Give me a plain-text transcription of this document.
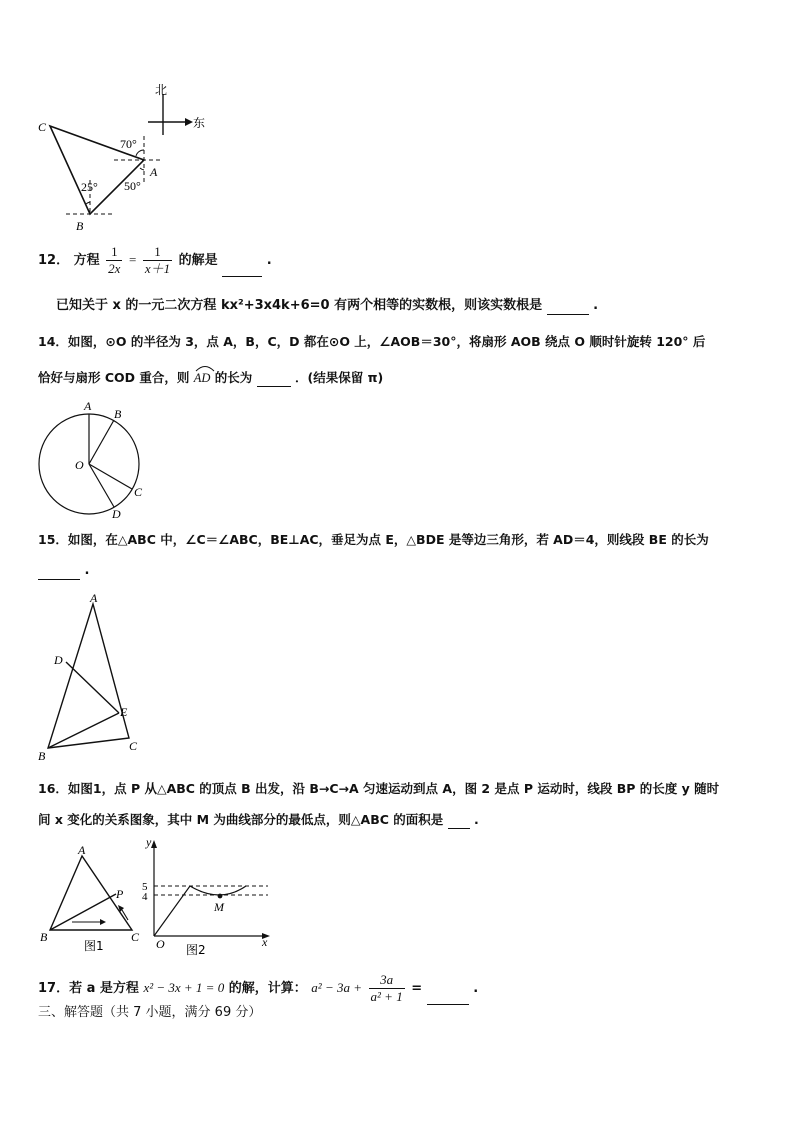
北
东
C
A
B
70°
50°
25°
12． 方程 $\frac{1}{2x} = \frac{1}{x+1}$ 的解是	.
已知关于 x 的一元二次方程 kx²+3x4k+6=0 有两个相等的实数根，则该实数根是	.
14．如图，⊙O 的半径为 3，点 A，B，C，D 都在⊙O 上，∠AOB＝30°，将扇形 AOB 绕点 O 顺时针旋转 120° 后
恰好与扇形 COD 重合，则 AD 的长为	．(结果保留 π)
A
B
C
D
O
15．如图，在△ABC 中，∠C＝∠ABC，BE⊥AC，垂足为点 E，△BDE 是等边三角形，若 AD＝4，则线段 BE 的长为
.
A
B
C
D
E
16．如图1，点 P 从△ABC 的顶点 B 出发，沿 B→C→A 匀速运动到点 A，图 2 是点 P 运动时，线段 BP 的长度 y 随时
间 x 变化的关系图象，其中 M 为曲线部分的最低点，则△ABC 的面积是 .
A
B	C
P
图1
y
x
O
M
5
4
图2
17．若 a 是方程 x² − 3x + 1 = 0 的解，计算： $a^2 - 3a + \frac{3a}{\text{a² + 1}}$ =	.
三、解答题（共 7 小题，满分 69 分）
